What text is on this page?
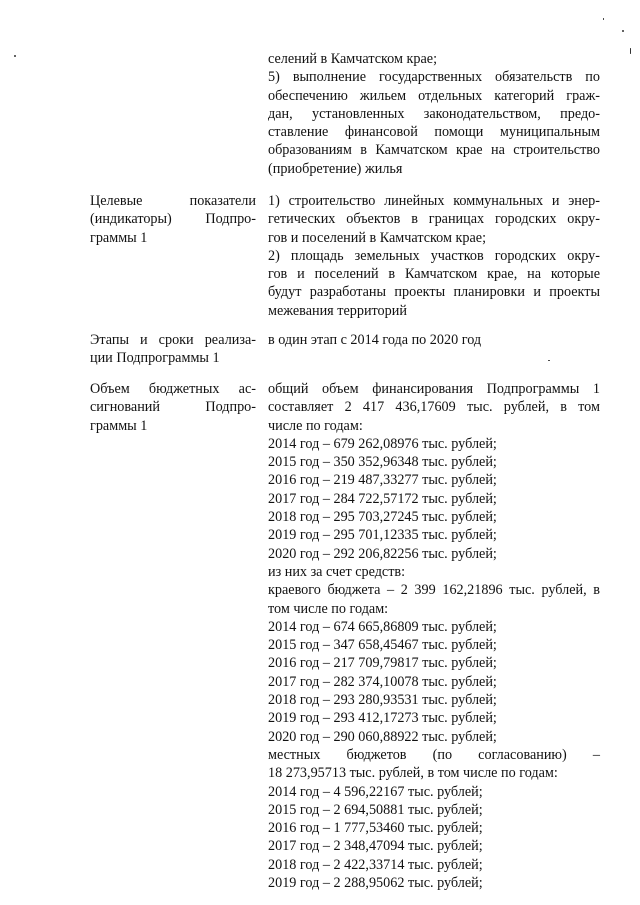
селений в Камчатском крае;
5) выполнение государственных обязательств по
обеспечению жильем отдельных категорий граж-
дан, установленных законодательством, предо-
ставление финансовой помощи муниципальным
образованиям в Камчатском крае на строительство
(приобретение) жилья
Целевые показатели
(индикаторы) Подпро-
граммы 1
1) строительство линейных коммунальных и энер-
гетических объектов в границах городских окру-
гов и поселений в Камчатском крае;
2) площадь земельных участков городских окру-
гов и поселений в Камчатском крае, на которые
будут разработаны проекты планировки и проекты
межевания территорий
Этапы и сроки реализа-
ции Подпрограммы 1
в один этап с 2014 года по 2020 год
Объем бюджетных ас-
сигнований Подпро-
граммы 1
общий объем финансирования Подпрограммы 1
составляет 2 417 436,17609 тыс. рублей, в том
числе по годам:
2014 год – 679 262,08976 тыс. рублей;
2015 год – 350 352,96348 тыс. рублей;
2016 год – 219 487,33277 тыс. рублей;
2017 год – 284 722,57172 тыс. рублей;
2018 год – 295 703,27245 тыс. рублей;
2019 год – 295 701,12335 тыс. рублей;
2020 год – 292 206,82256 тыс. рублей;
из них за счет средств:
краевого бюджета – 2 399 162,21896 тыс. рублей, в
том числе по годам:
2014 год – 674 665,86809 тыс. рублей;
2015 год – 347 658,45467 тыс. рублей;
2016 год – 217 709,79817 тыс. рублей;
2017 год – 282 374,10078 тыс. рублей;
2018 год – 293 280,93531 тыс. рублей;
2019 год – 293 412,17273 тыс. рублей;
2020 год – 290 060,88922 тыс. рублей;
местных бюджетов (по согласованию) –
18 273,95713 тыс. рублей, в том числе по годам:
2014 год – 4 596,22167 тыс. рублей;
2015 год – 2 694,50881 тыс. рублей;
2016 год – 1 777,53460 тыс. рублей;
2017 год – 2 348,47094 тыс. рублей;
2018 год – 2 422,33714 тыс. рублей;
2019 год – 2 288,95062 тыс. рублей;
